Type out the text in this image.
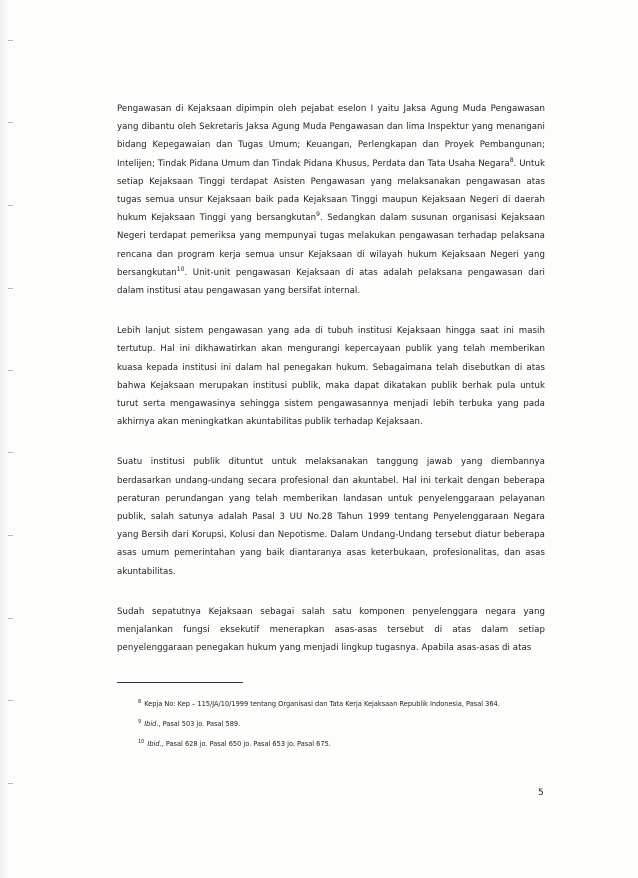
Pengawasan di Kejaksaan dipimpin oleh pejabat eselon I yaitu Jaksa Agung Muda Pengawasan yang dibantu oleh Sekretaris Jaksa Agung Muda Pengawasan dan lima Inspektur yang menangani bidang Kepegawaian dan Tugas Umum; Keuangan, Perlengkapan dan Proyek Pembangunan; Intelijen; Tindak Pidana Umum dan Tindak Pidana Khusus, Perdata dan Tata Usaha Negara$^8$. Untuk setiap Kejaksaan Tinggi terdapat Asisten Pengawasan yang melaksanakan pengawasan atas tugas semua unsur Kejaksaan baik pada Kejaksaan Tinggi maupun Kejaksaan Negeri di daerah hukum Kejaksaan Tinggi yang bersangkutan$^9$. Sedangkan dalam susunan organisasi Kejaksaan Negeri terdapat pemeriksa yang mempunyai tugas melakukan pengawasan terhadap pelaksana rencana dan program kerja semua unsur Kejaksaan di wilayah hukum Kejaksaan Negeri yang bersangkutan$^{10}$. Unit-unit pengawasan Kejaksaan di atas adalah pelaksana pengawasan dari dalam institusi atau pengawasan yang bersifat internal.

Lebih lanjut sistem pengawasan yang ada di tubuh institusi Kejaksaan hingga saat ini masih tertutup. Hal ini dikhawatirkan akan mengurangi kepercayaan publik yang telah memberikan kuasa kepada institusi ini dalam hal penegakan hukum. Sebagaimana telah disebutkan di atas bahwa Kejaksaan merupakan institusi publik, maka dapat dikatakan publik berhak pula untuk turut serta mengawasinya sehingga sistem pengawasannya menjadi lebih terbuka yang pada akhirnya akan meningkatkan akuntabilitas publik terhadap Kejaksaan.

Suatu institusi publik dituntut untuk melaksanakan tanggung jawab yang diembannya berdasarkan undang-undang secara profesional dan akuntabel. Hal ini terkait dengan beberapa peraturan perundangan yang telah memberikan landasan untuk penyelenggaraan pelayanan publik, salah satunya adalah Pasal 3 UU No.28 Tahun 1999 tentang Penyelenggaraan Negara yang Bersih dari Korupsi, Kolusi dan Nepotisme. Dalam Undang-Undang tersebut diatur beberapa asas umum pemerintahan yang baik diantaranya asas keterbukaan, profesionalitas, dan asas akuntabilitas.

Sudah sepatutnya Kejaksaan sebagai salah satu komponen penyelenggara negara yang menjalankan fungsi eksekutif menerapkan asas-asas tersebut di atas dalam setiap penyelenggaraan penegakan hukum yang menjadi lingkup tugasnya. Apabila asas-asas di atas

$^8$ Kepja No: Kep – 115/JA/10/1999 tentang Organisasi dan Tata Kerja Kejaksaan Republik Indonesia, Pasal 364.
$^9$ Ibid., Pasal 503 jo. Pasal 589.
$^{10}$ Ibid., Pasal 628 jo. Pasal 650 jo. Pasal 653 jo. Pasal 675.
5
